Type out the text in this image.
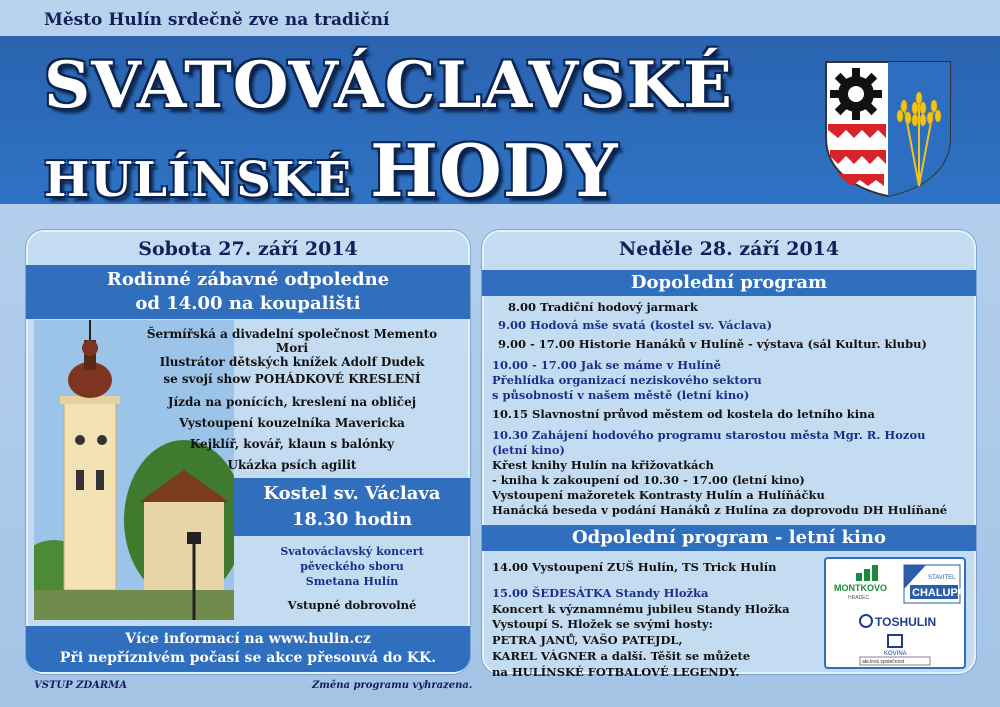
Město Hulín srdečně zve na tradiční
SVATOVÁCLAVSKÉ
HULÍNSKÉ HODY
Sobota 27. září 2014
Rodinné zábavné odpoledne
od 14.00 na koupališti
Šermířská a divadelní společnost Memento Mori
Ilustrátor dětských knížek Adolf Dudek
se svojí show POHÁDKOVÉ KRESLENÍ
Jízda na ponících, kreslení na obličej
Vystoupení kouzelníka Mavericka
Kejklíř, kovář, klaun s balónky
Ukázka psích agilit
Kostel sv. Václava
18.30 hodin
Svatováclavský koncert
pěveckého sboru
Smetana Hulín
Vstupné dobrovolné
Více informací na www.hulin.cz
Při nepříznivém počasí se akce přesouvá do KK.
Neděle 28. září 2014
Dopolední program
8.00 Tradiční hodový jarmark
9.00 Hodová mše svatá (kostel sv. Václava)
9.00 - 17.00 Historie Hanáků v Hulíně - výstava (sál Kultur. klubu)
10.00 - 17.00 Jak se máme v Hulíně
Přehlídka organizací neziskového sektoru
s působností v našem městě (letní kino)
10.15 Slavnostní průvod městem od kostela do letního kina
10.30 Zahájení hodového programu starostou města Mgr. R. Hozou
(letní kino)
Křest knihy Hulín na křižovatkách
- kniha k zakoupení od 10.30 - 17.00 (letní kino)
Vystoupení mažoretek Kontrasty Hulín a Hulíňáčku
Hanácká beseda v podání Hanáků z Hulína za doprovodu DH Hulíňané
Odpolední program - letní kino
14.00 Vystoupení ZUŠ Hulín, TS Trick Hulín
15.00 ŠEDESÁTKA Standy Hložka
Koncert k významnému jubileu Standy Hložka
Vystoupí S. Hložek se svými hosty:
PETRA JANŮ, VAŠO PATEJDL,
KAREL VÁGNER a další. Těšit se můžete
na HULÍNSKÉ FOTBALOVÉ LEGENDY.
MONTKOVO
HRADEC
STAVITEL
CHALUPA
TOSHULIN
KOVINA
akciová společnost
VSTUP ZDARMA	Změna programu vyhrazena.
